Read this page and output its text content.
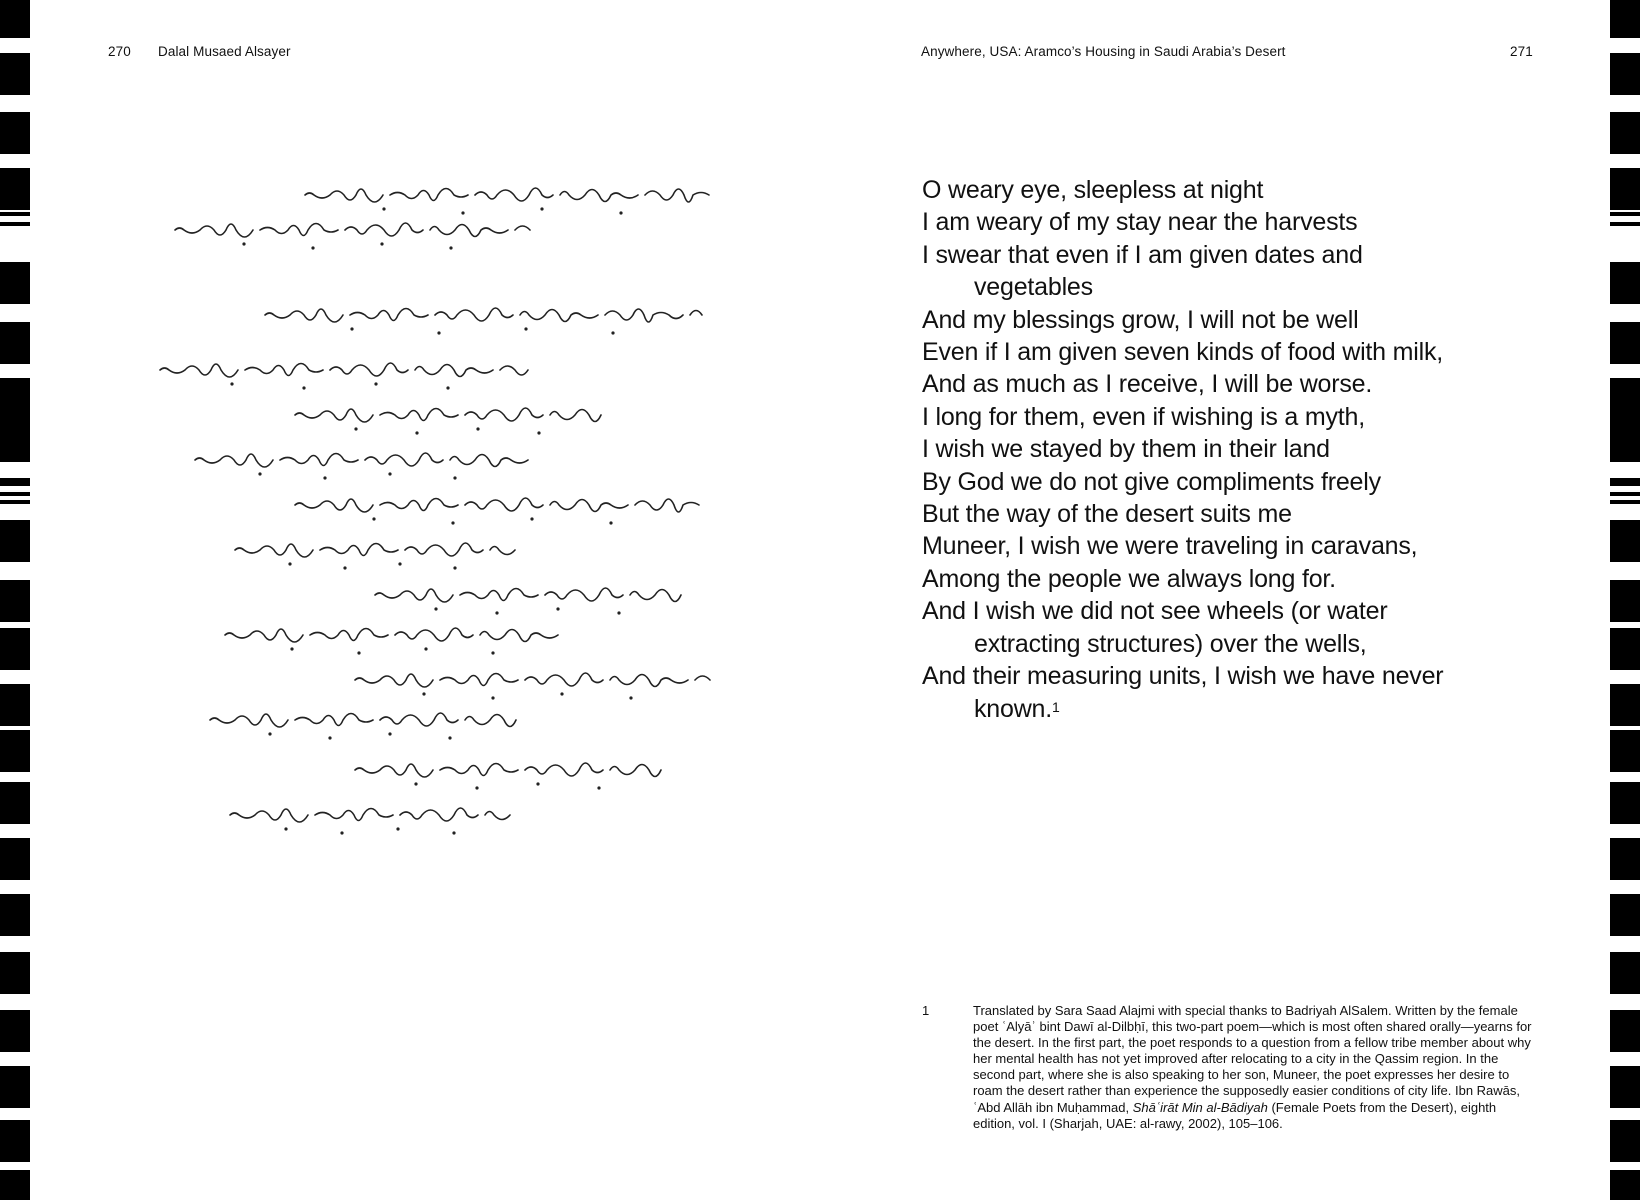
270 Dalal Musaed Alsayer	Anywhere, USA: Aramco’s Housing in Saudi Arabia’s Desert	271
O weary eye, sleepless at night
I am weary of my stay near the harvests
I swear that even if I am given dates and
vegetables
And my blessings grow, I will not be well
Even if I am given seven kinds of food with milk,
And as much as I receive, I will be worse.
I long for them, even if wishing is a myth,
I wish we stayed by them in their land
By God we do not give compliments freely
But the way of the desert suits me
Muneer, I wish we were traveling in caravans,
Among the people we always long for.
And I wish we did not see wheels (or water
extracting structures) over the wells,
And their measuring units, I wish we have never
known.$^1$
1	Translated by Sara Saad Alajmi with special thanks to Badriyah AlSalem. Written by the female poet ʿAlyāʾ bint Dawī al-Dilbḥī, this two-part poem—which is most often shared orally—yearns for the desert. In the first part, the poet responds to a question from a fellow tribe member about why her mental health has not yet improved after relocating to a city in the Qassim region. In the second part, where she is also speaking to her son, Muneer, the poet expresses her desire to roam the desert rather than experience the supposedly easier conditions of city life. Ibn Rawās, ʿAbd Allāh ibn Muḥammad, Shāʿirāt Min al-Bādiyah (Female Poets from the Desert), eighth edition, vol. I (Sharjah, UAE: al-rawy, 2002), 105–106.
